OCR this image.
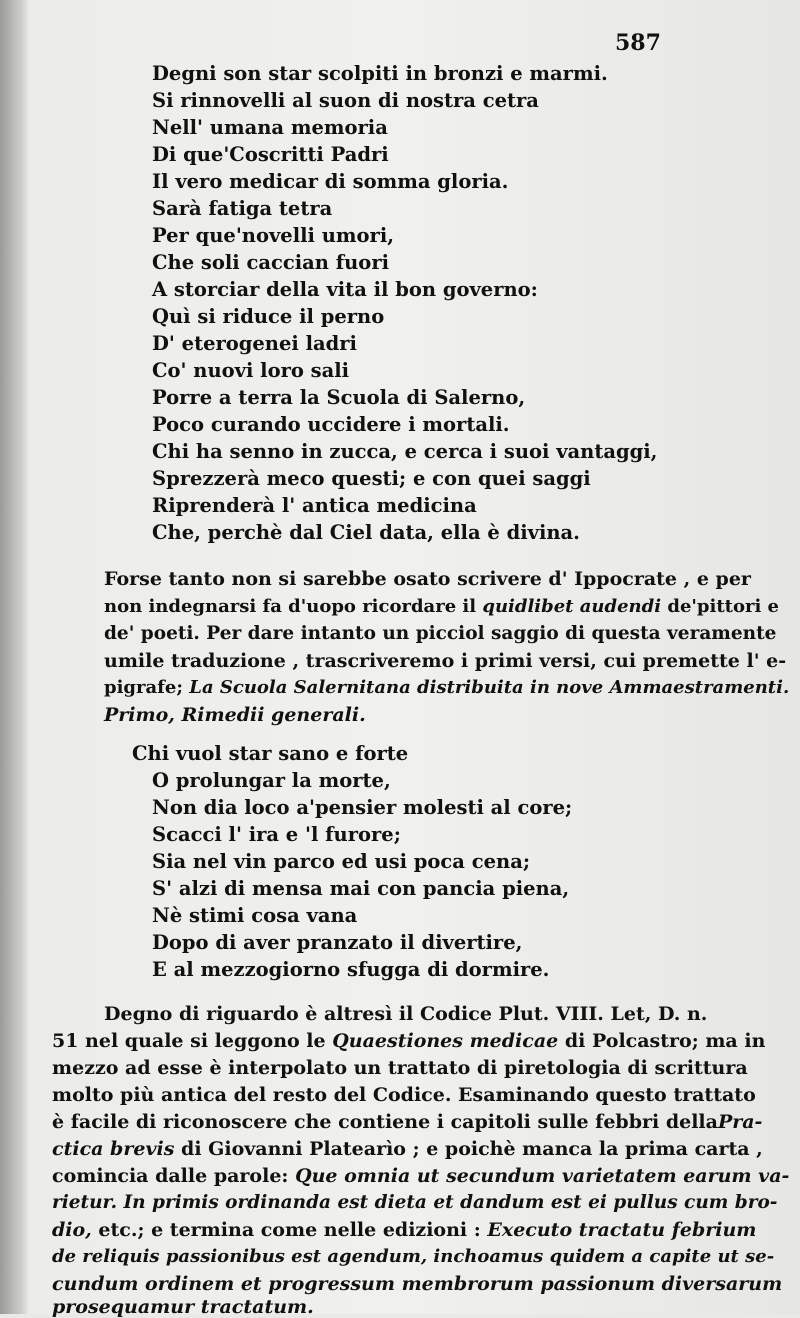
587
Degni son star scolpiti in bronzi e marmi.
Si rinnovelli al suon di nostra cetra
Nell' umana memoria
Di que'Coscritti Padri
Il vero medicar di somma gloria.
Sarà fatiga tetra
Per que'novelli umori,
Che soli caccian fuori
A storciar della vita il bon governo:
Quì si riduce il perno
D' eterogenei ladri
Co' nuovi loro sali
Porre a terra la Scuola di Salerno,
Poco curando uccidere i mortali.
Chi ha senno in zucca, e cerca i suoi vantaggi,
Sprezzerà meco questi; e con quei saggi
Riprenderà l' antica medicina
Che, perchè dal Ciel data, ella è divina.
Forse tanto non si sarebbe osato scrivere d' Ippocrate , e per
non indegnarsi fa d'uopo ricordare il quidlibet audendi de'pittori e
de' poeti. Per dare intanto un picciol saggio di questa veramente
umile traduzione , trascriveremo i primi versi, cui premette l' e-
pigrafe; La Scuola Salernitana distribuita in nove Ammaestramenti.
Primo, Rimedii generali.
Chi vuol star sano e forte
O prolungar la morte,
Non dia loco a'pensier molesti al core;
Scacci l' ira e 'l furore;
Sia nel vin parco ed usi poca cena;
S' alzi di mensa mai con pancia piena,
Nè stimi cosa vana
Dopo di aver pranzato il divertire,
E al mezzogiorno sfugga di dormire.
Degno di riguardo è altresì il Codice Plut. VIII. Let, D. n.
51 nel quale si leggono le Quaestiones medicae di Polcastro; ma in
mezzo ad esse è interpolato un trattato di piretologia di scrittura
molto più antica del resto del Codice. Esaminando questo trattato
è facile di riconoscere che contiene i capitoli sulle febbri dellaPra-
ctica brevis di Giovanni Platearìo ; e poichè manca la prima carta ,
comincia dalle parole: Que omnia ut secundum varietatem earum va-
rietur. In primis ordinanda est dieta et dandum est ei pullus cum bro-
dio, etc.; e termina come nelle edizioni : Executo tractatu febrium
de reliquis passionibus est agendum, inchoamus quidem a capite ut se-
cundum ordinem et progressum membrorum passionum diversarum
prosequamur tractatum.
